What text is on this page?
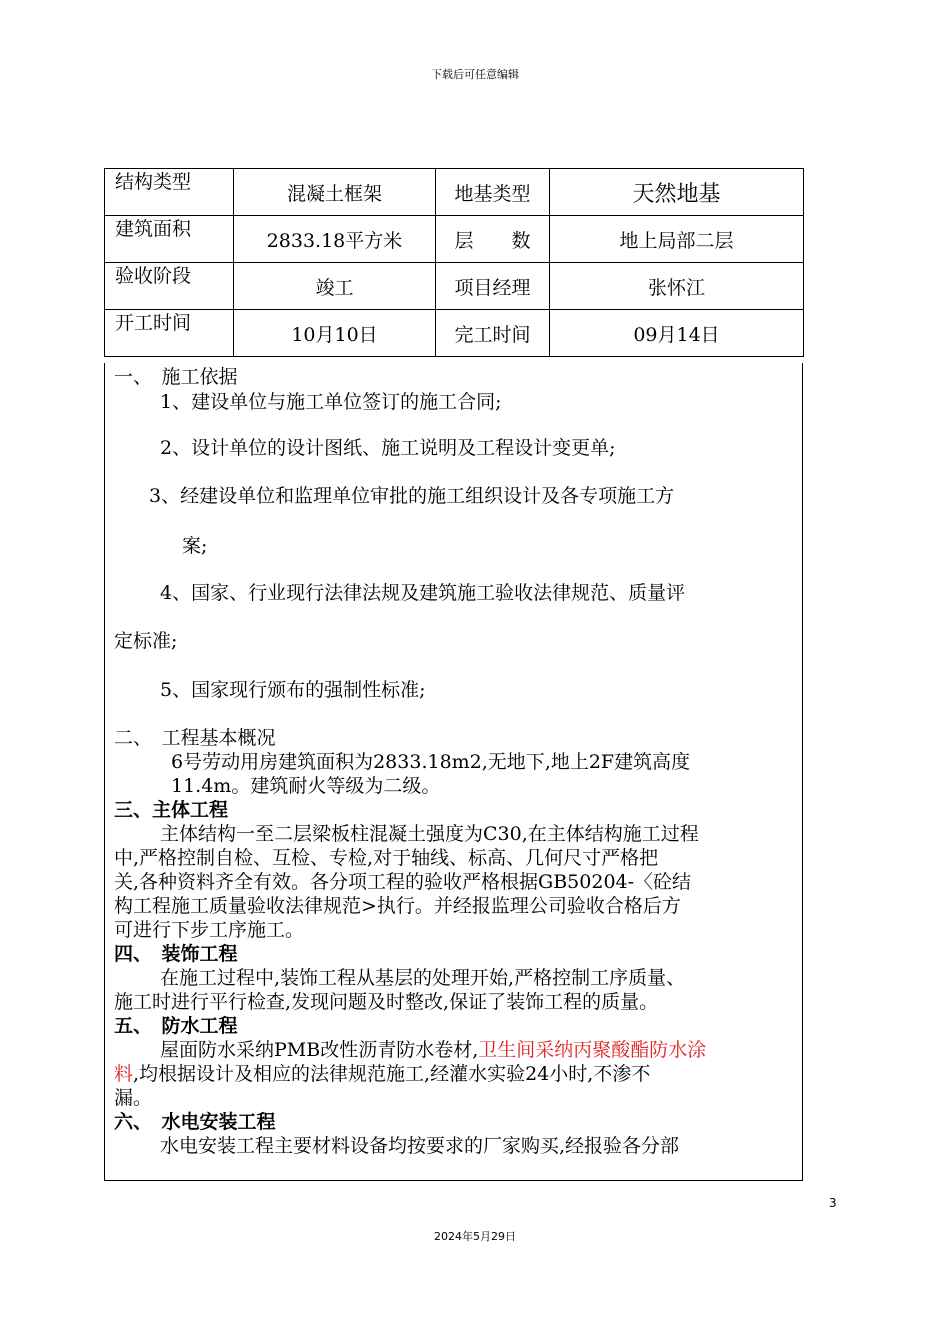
下载后可任意编辑
结构类型	混凝土框架	地基类型	天然地基
建筑面积	2833.18平方米	层　　数	地上局部二层
验收阶段	竣工	项目经理	张怀江
开工时间	10月10日	完工时间	09月14日
一、　施工依据
1、建设单位与施工单位签订的施工合同;
2、设计单位的设计图纸、施工说明及工程设计变更单;
3、经建设单位和监理单位审批的施工组织设计及各专项施工方
案;
4、国家、行业现行法律法规及建筑施工验收法律规范、质量评
定标准;
5、国家现行颁布的强制性标准;
二、　工程基本概况
6号劳动用房建筑面积为2833.18m2,无地下,地上2F建筑高度
11.4m。建筑耐火等级为二级。
三、主体工程
主体结构一至二层梁板柱混凝土强度为C30,在主体结构施工过程
中,严格控制自检、互检、专检,对于轴线、标高、几何尺寸严格把
关,各种资料齐全有效。各分项工程的验收严格根据GB50204-〈砼结
构工程施工质量验收法律规范>执行。并经报监理公司验收合格后方
可进行下步工序施工。
四、　装饰工程
在施工过程中,装饰工程从基层的处理开始,严格控制工序质量、
施工时进行平行检查,发现问题及时整改,保证了装饰工程的质量。
五、　防水工程
屋面防水采纳PMB改性沥青防水卷材,卫生间采纳丙聚酸酯防水涂
料,均根据设计及相应的法律规范施工,经灌水实验24小时,不渗不
漏。
六、　水电安装工程
水电安装工程主要材料设备均按要求的厂家购买,经报验各分部
3
2024年5月29日
